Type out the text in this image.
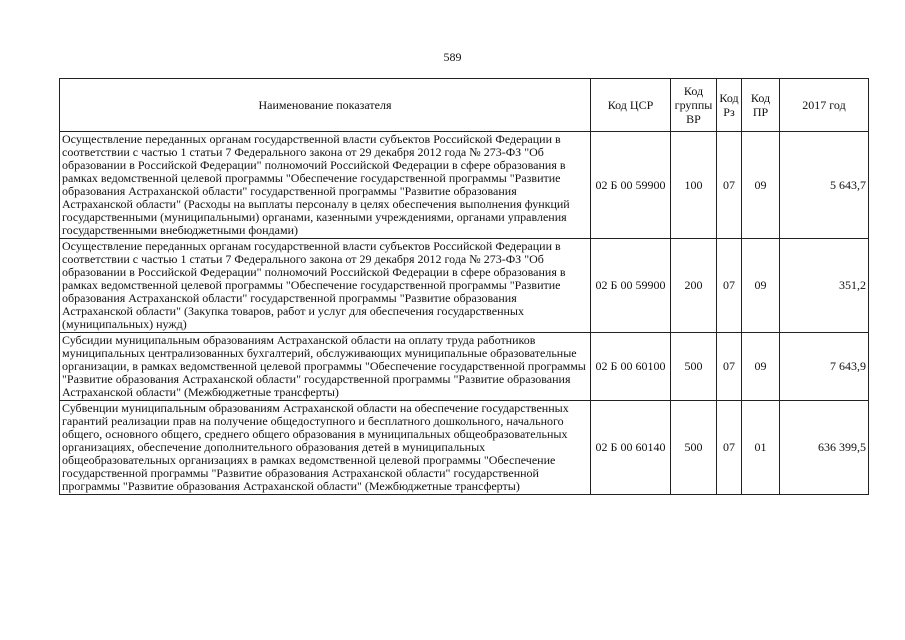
589
Наименование показателя	Код ЦСР	Код группы ВР	Код Рз	Код ПР	2017 год
Осуществление переданных органам государственной власти субъектов Российской Федерации в соответствии с частью 1 статьи 7 Федерального закона от 29 декабря 2012 года № 273-ФЗ "Об образовании в Российской Федерации" полномочий Российской Федерации в сфере образования в рамках ведомственной целевой программы "Обеспечение государственной программы "Развитие образования Астраханской области" государственной программы "Развитие образования Астраханской области" (Расходы на выплаты персоналу в целях обеспечения выполнения функций государственными (муниципальными) органами, казенными учреждениями, органами управления государственными внебюджетными фондами)	02 Б 00 59900	100	07	09	5 643,7
Осуществление переданных органам государственной власти субъектов Российской Федерации в соответствии с частью 1 статьи 7 Федерального закона от 29 декабря 2012 года № 273-ФЗ "Об образовании в Российской Федерации" полномочий Российской Федерации в сфере образования в рамках ведомственной целевой программы "Обеспечение государственной программы "Развитие образования Астраханской области" государственной программы "Развитие образования Астраханской области" (Закупка товаров, работ и услуг для обеспечения государственных (муниципальных) нужд)	02 Б 00 59900	200	07	09	351,2
Субсидии муниципальным образованиям Астраханской области на оплату труда работников муниципальных централизованных бухгалтерий, обслуживающих муниципальные образовательные организации, в рамках ведомственной целевой программы "Обеспечение государственной программы "Развитие образования Астраханской области" государственной программы "Развитие образования Астраханской области" (Межбюджетные трансферты)	02 Б 00 60100	500	07	09	7 643,9
Субвенции муниципальным образованиям Астраханской области на обеспечение государственных гарантий реализации прав на получение общедоступного и бесплатного дошкольного, начального общего, основного общего, среднего общего образования в муниципальных общеобразовательных организациях, обеспечение дополнительного образования детей в муниципальных общеобразовательных организациях в рамках ведомственной целевой программы "Обеспечение государственной программы "Развитие образования Астраханской области" государственной программы "Развитие образования Астраханской области" (Межбюджетные трансферты)	02 Б 00 60140	500	07	01	636 399,5
